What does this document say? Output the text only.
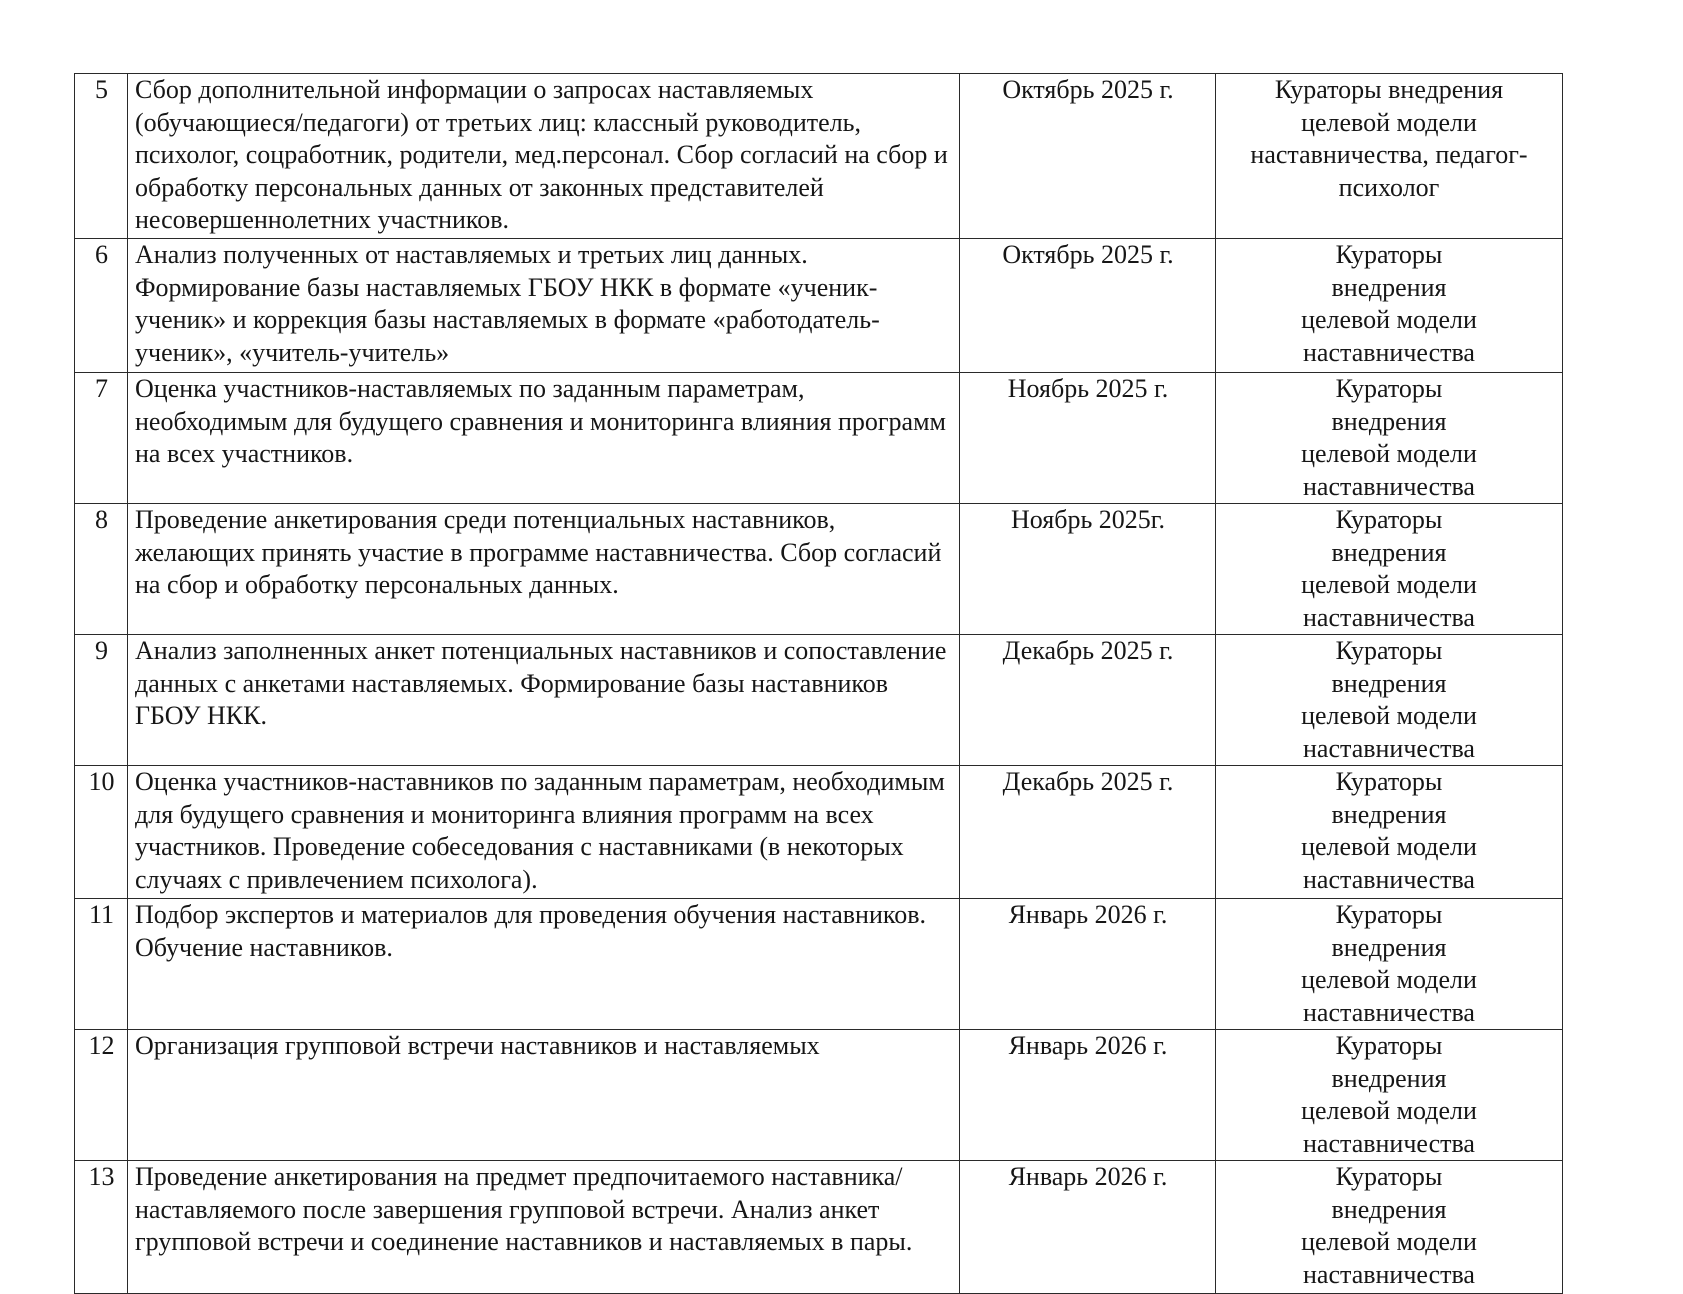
5	Сбор дополнительной информации о запросах наставляемых (обучающиеся/педагоги) от третьих лиц: классный руководитель, психолог, соцработник, родители, мед.персонал. Сбор согласий на сбор и обработку персональных данных от законных представителей несовершеннолетних участников.	Октябрь 2025 г.	Кураторы внедрения целевой модели наставничества, педагог-психолог
6	Анализ полученных от наставляемых и третьих лиц данных. Формирование базы наставляемых ГБОУ НКК в формате «ученик-ученик» и коррекция базы наставляемых в формате «работодатель-ученик», «учитель-учитель»	Октябрь 2025 г.	Кураторы внедрения целевой модели наставничества
7	Оценка участников-наставляемых по заданным параметрам, необходимым для будущего сравнения и мониторинга влияния программ на всех участников.	Ноябрь 2025 г.	Кураторы внедрения целевой модели наставничества
8	Проведение анкетирования среди потенциальных наставников, желающих принять участие в программе наставничества. Сбор согласий на сбор и обработку персональных данных.	Ноябрь 2025г.	Кураторы внедрения целевой модели наставничества
9	Анализ заполненных анкет потенциальных наставников и сопоставление данных с анкетами наставляемых. Формирование базы наставников ГБОУ НКК.	Декабрь 2025 г.	Кураторы внедрения целевой модели наставничества
10	Оценка участников-наставников по заданным параметрам, необходимым для будущего сравнения и мониторинга влияния программ на всех участников. Проведение собеседования с наставниками (в некоторых случаях с привлечением психолога).	Декабрь 2025 г.	Кураторы внедрения целевой модели наставничества
11	Подбор экспертов и материалов для проведения обучения наставников. Обучение наставников.	Январь 2026 г.	Кураторы внедрения целевой модели наставничества
12	Организация групповой встречи наставников и наставляемых	Январь 2026 г.	Кураторы внедрения целевой модели наставничества
13	Проведение анкетирования на предмет предпочитаемого наставника/наставляемого после завершения групповой встречи. Анализ анкет групповой встречи и соединение наставников и наставляемых в пары.	Январь 2026 г.	Кураторы внедрения целевой модели наставничества
